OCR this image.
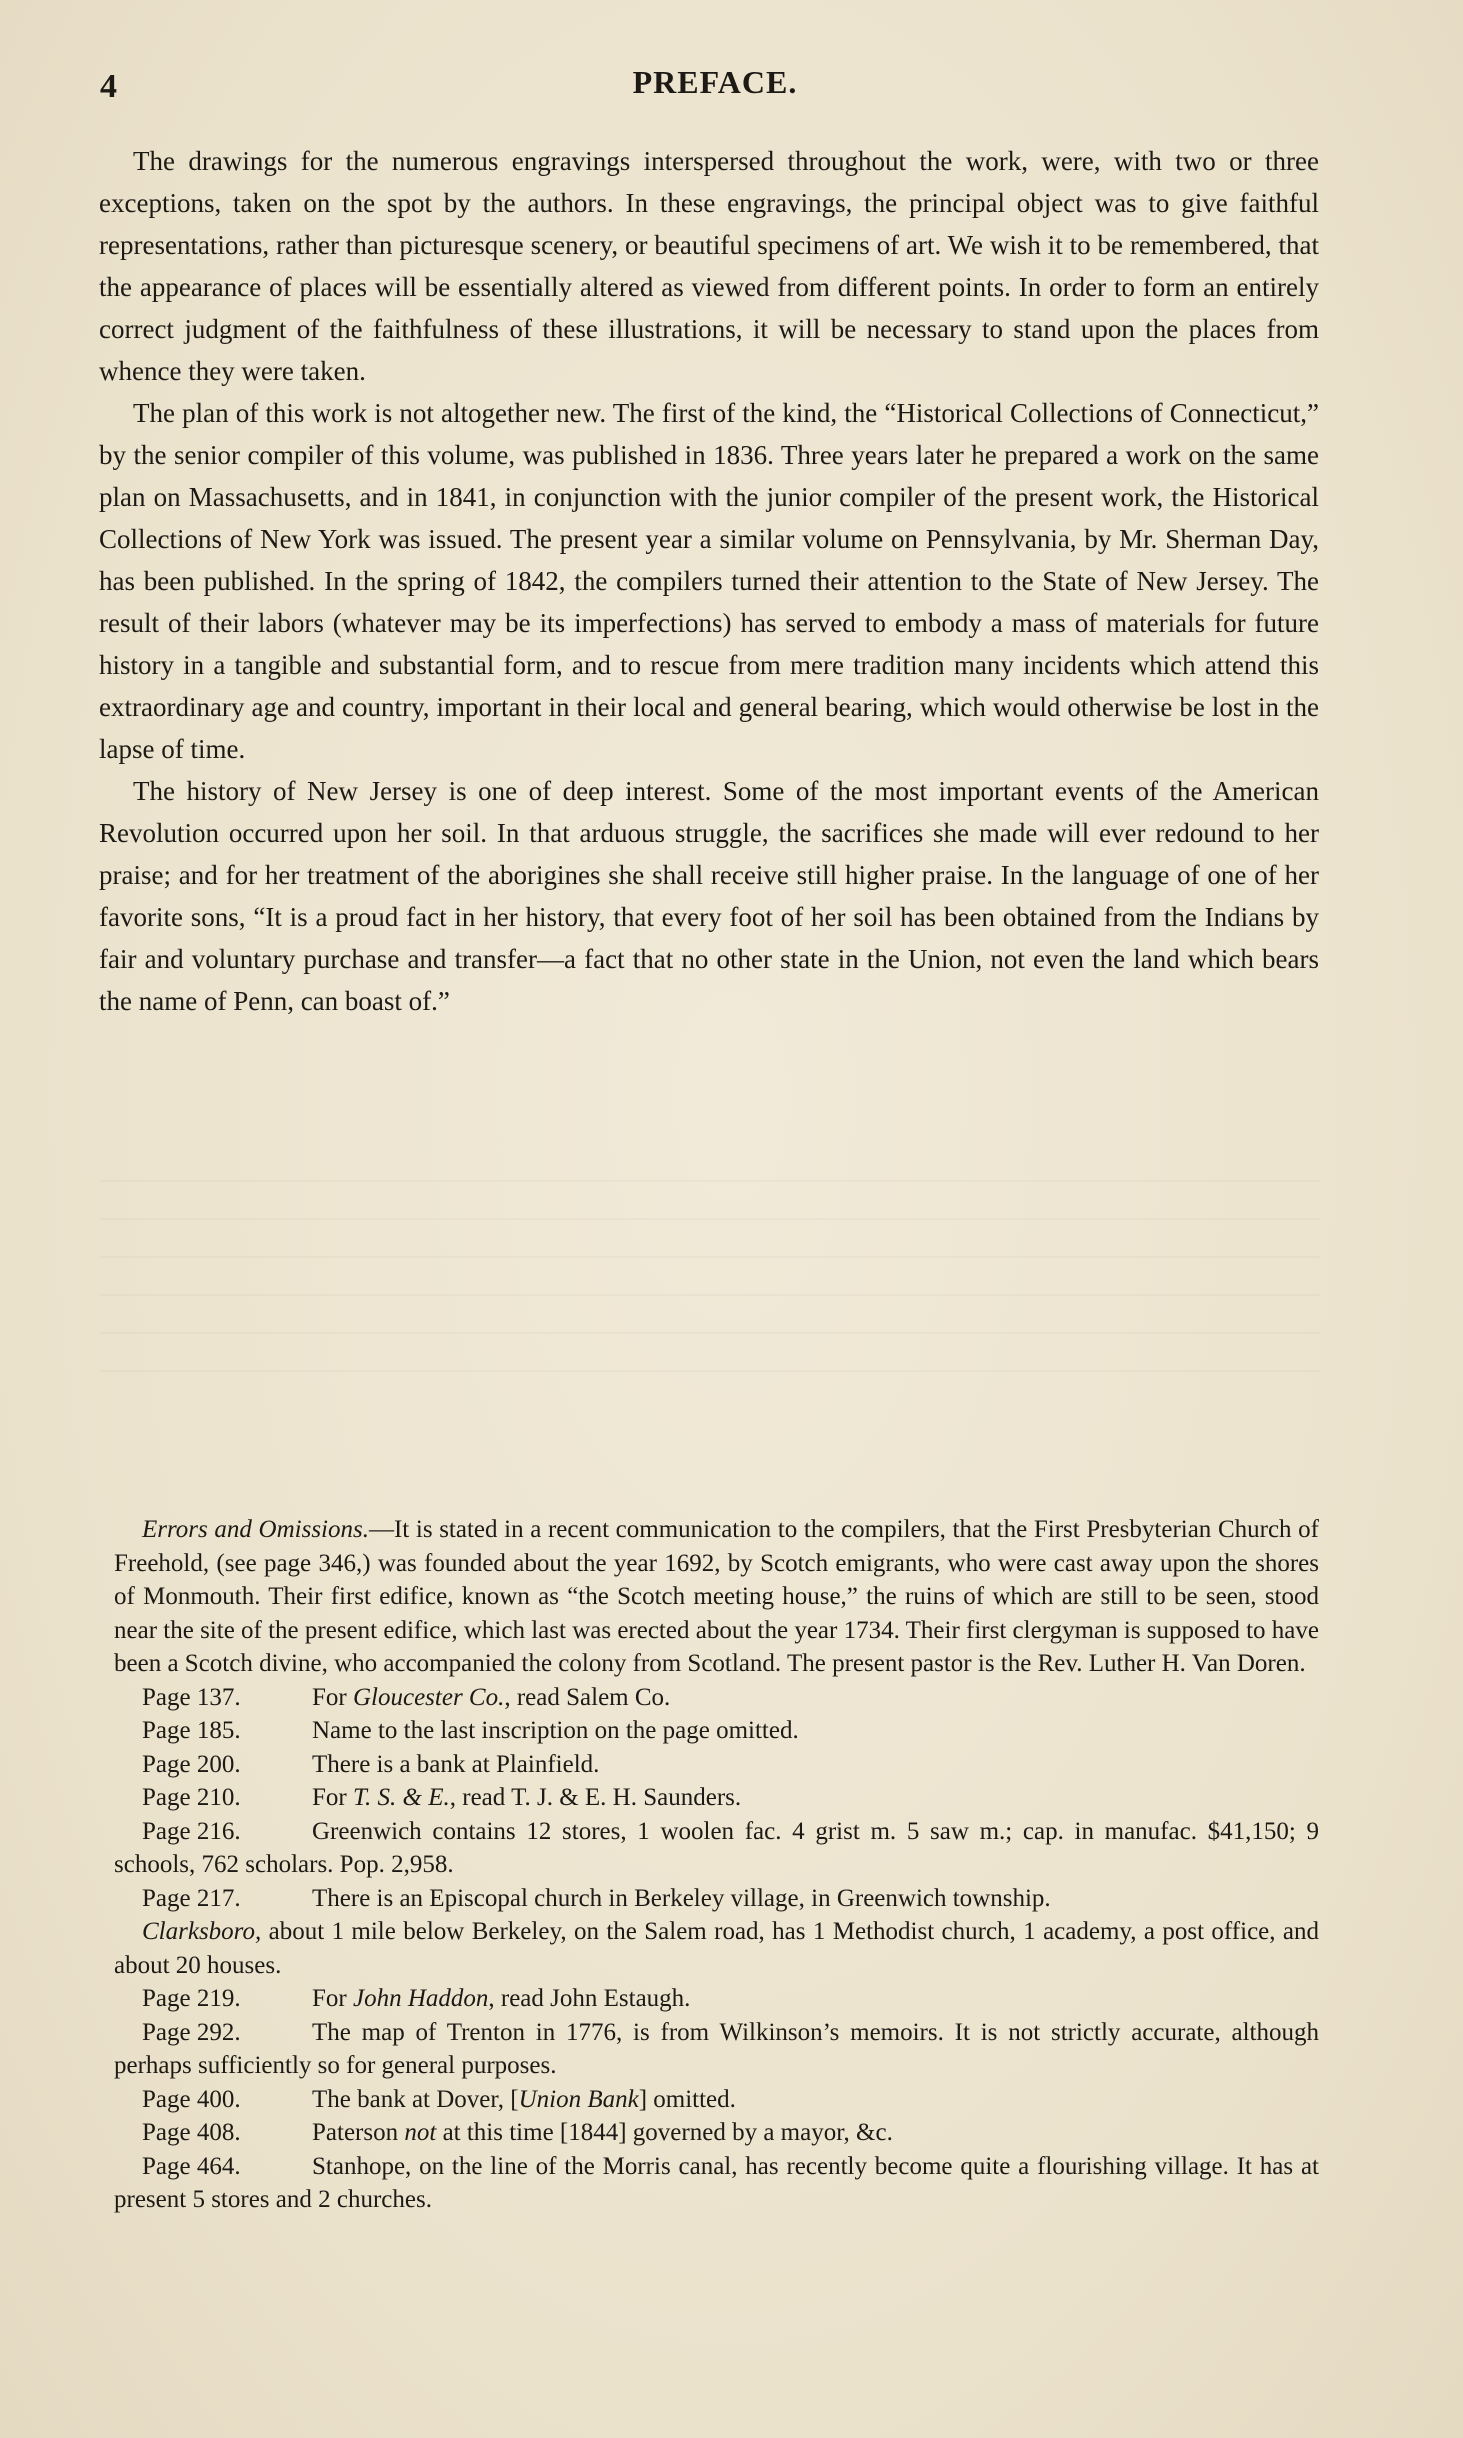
4	PREFACE.

The drawings for the numerous engravings interspersed throughout the work, were, with two or three exceptions, taken on the spot by the authors. In these engravings, the principal object was to give faithful representations, rather than picturesque scenery, or beautiful specimens of art. We wish it to be remembered, that the appearance of places will be essentially altered as viewed from different points. In order to form an entirely correct judgment of the faithfulness of these illustrations, it will be necessary to stand upon the places from whence they were taken.

The plan of this work is not altogether new. The first of the kind, the “Historical Collections of Connecticut,” by the senior compiler of this volume, was published in 1836. Three years later he prepared a work on the same plan on Massachusetts, and in 1841, in conjunction with the junior compiler of the present work, the Historical Collections of New York was issued. The present year a similar volume on Pennsylvania, by Mr. Sherman Day, has been published. In the spring of 1842, the compilers turned their attention to the State of New Jersey. The result of their labors (whatever may be its imperfections) has served to embody a mass of materials for future history in a tangible and substantial form, and to rescue from mere tradition many incidents which attend this extraordinary age and country, important in their local and general bearing, which would otherwise be lost in the lapse of time.

The history of New Jersey is one of deep interest. Some of the most important events of the American Revolution occurred upon her soil. In that arduous struggle, the sacrifices she made will ever redound to her praise; and for her treatment of the aborigines she shall receive still higher praise. In the language of one of her favorite sons, “It is a proud fact in her history, that every foot of her soil has been obtained from the Indians by fair and voluntary purchase and transfer—a fact that no other state in the Union, not even the land which bears the name of Penn, can boast of.”

Errors and Omissions.—It is stated in a recent communication to the compilers, that the First Presbyterian Church of Freehold, (see page 346,) was founded about the year 1692, by Scotch emigrants, who were cast away upon the shores of Monmouth. Their first edifice, known as “the Scotch meeting house,” the ruins of which are still to be seen, stood near the site of the present edifice, which last was erected about the year 1734. Their first clergyman is supposed to have been a Scotch divine, who accompanied the colony from Scotland. The present pastor is the Rev. Luther H. Van Doren.

Page 137.	For Gloucester Co., read Salem Co.

Page 185.	Name to the last inscription on the page omitted.

Page 200.	There is a bank at Plainfield.

Page 210.	For T. S. & E., read T. J. & E. H. Saunders.

Page 216.	Greenwich contains 12 stores, 1 woolen fac. 4 grist m. 5 saw m.; cap. in manufac. $41,150; 9 schools, 762 scholars. Pop. 2,958.

Page 217.	There is an Episcopal church in Berkeley village, in Greenwich township.

Clarksboro, about 1 mile below Berkeley, on the Salem road, has 1 Methodist church, 1 academy, a post office, and about 20 houses.

Page 219.	For John Haddon, read John Estaugh.

Page 292.	The map of Trenton in 1776, is from Wilkinson’s memoirs. It is not strictly accurate, although perhaps sufficiently so for general purposes.

Page 400.	The bank at Dover, [Union Bank] omitted.

Page 408.	Paterson not at this time [1844] governed by a mayor, &c.

Page 464.	Stanhope, on the line of the Morris canal, has recently become quite a flourishing village. It has at present 5 stores and 2 churches.
